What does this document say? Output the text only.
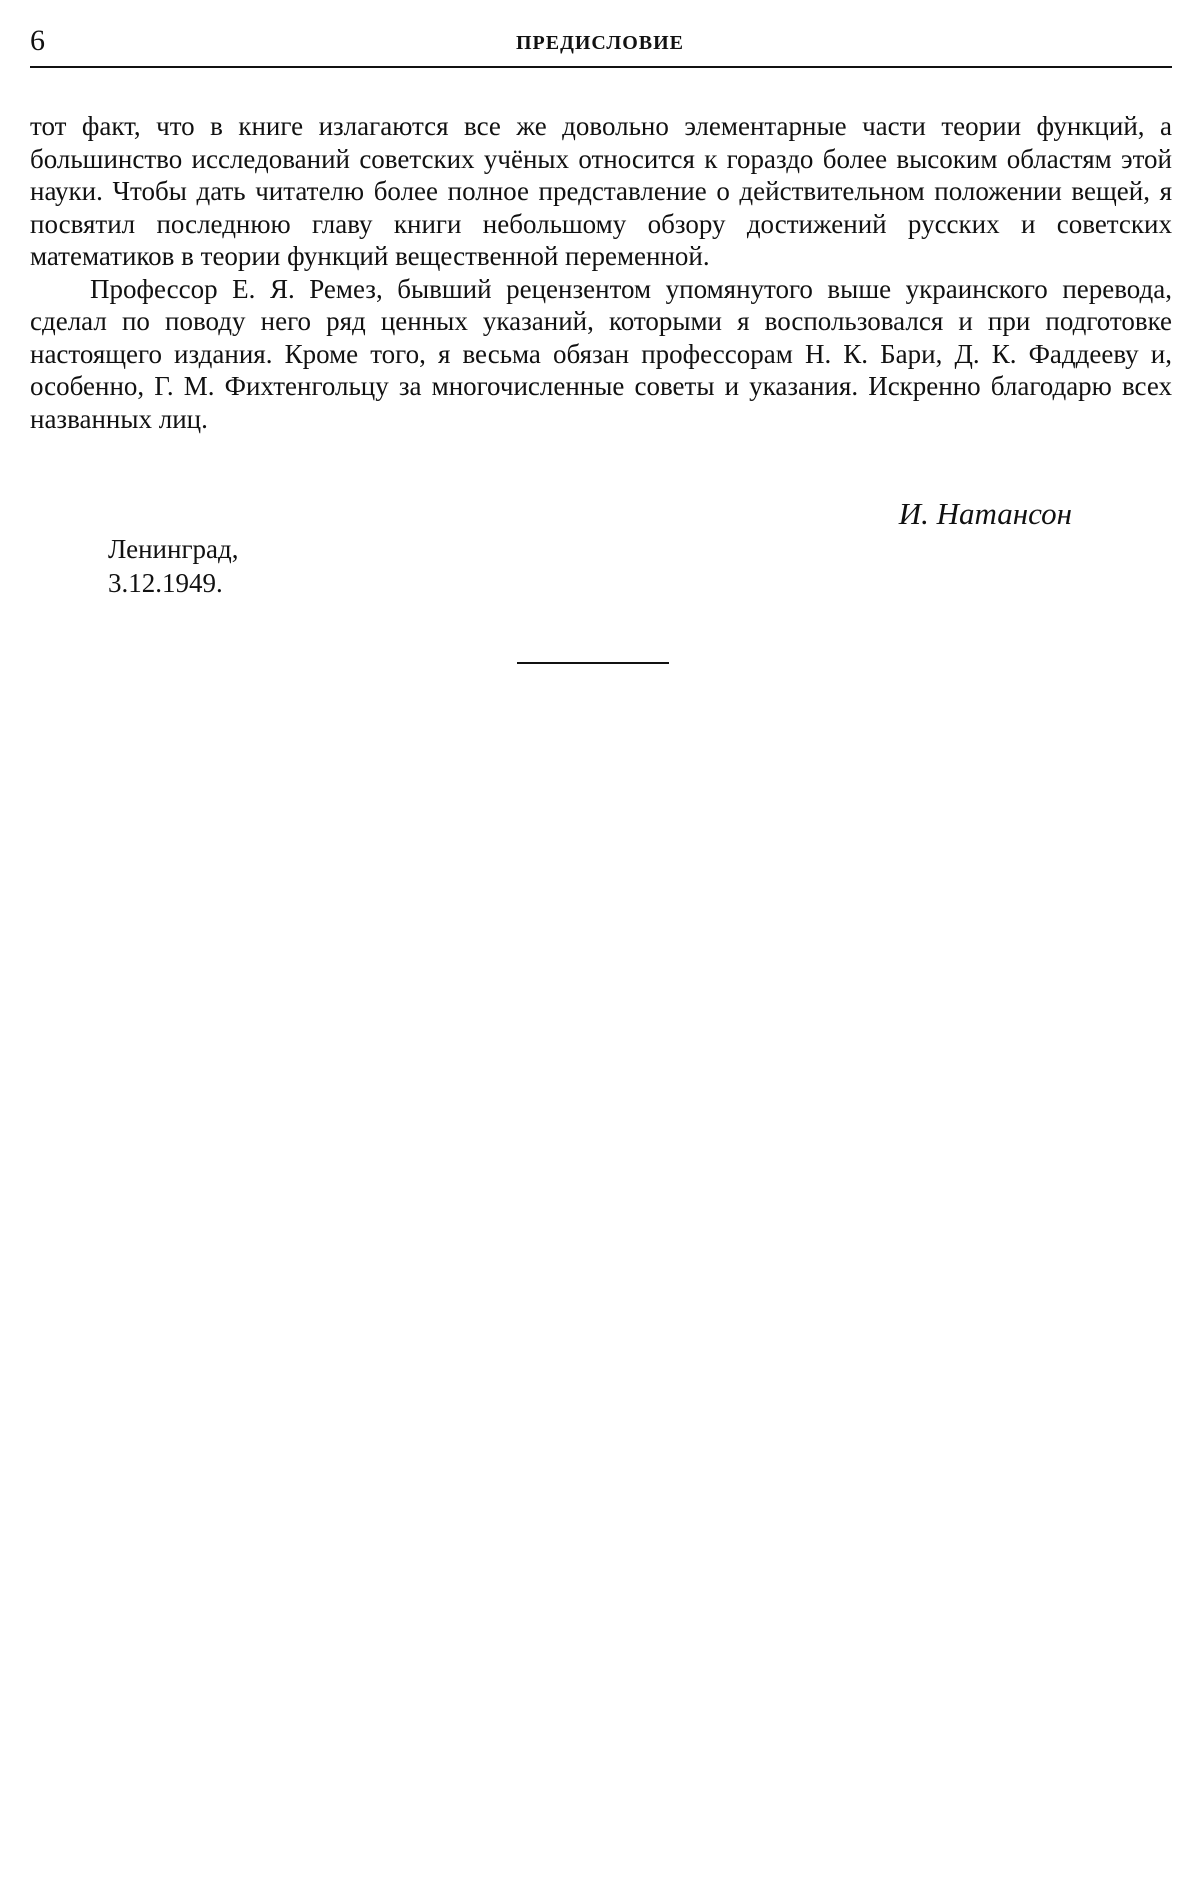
6	ПРЕДИСЛОВИЕ

тот факт, что в книге излагаются все же довольно элементарные части теории функций, а большинство исследований советских учёных относится к гораздо более высоким областям этой науки. Чтобы дать читателю более полное представление о действительном положении вещей, я посвятил последнюю главу книги небольшому обзору достижений русских и советских математиков в теории функций вещественной переменной.

Профессор Е. Я. Ремез, бывший рецензентом упомянутого выше украинского перевода, сделал по поводу него ряд ценных указаний, которыми я воспользовался и при подготовке настоящего издания. Кроме того, я весьма обязан профессорам Н. К. Бари, Д. К. Фаддееву и, особенно, Г. М. Фихтенгольцу за многочисленные советы и указания. Искренно благодарю всех названных лиц.

И. Натансон
Ленинград,
3.12.1949.
